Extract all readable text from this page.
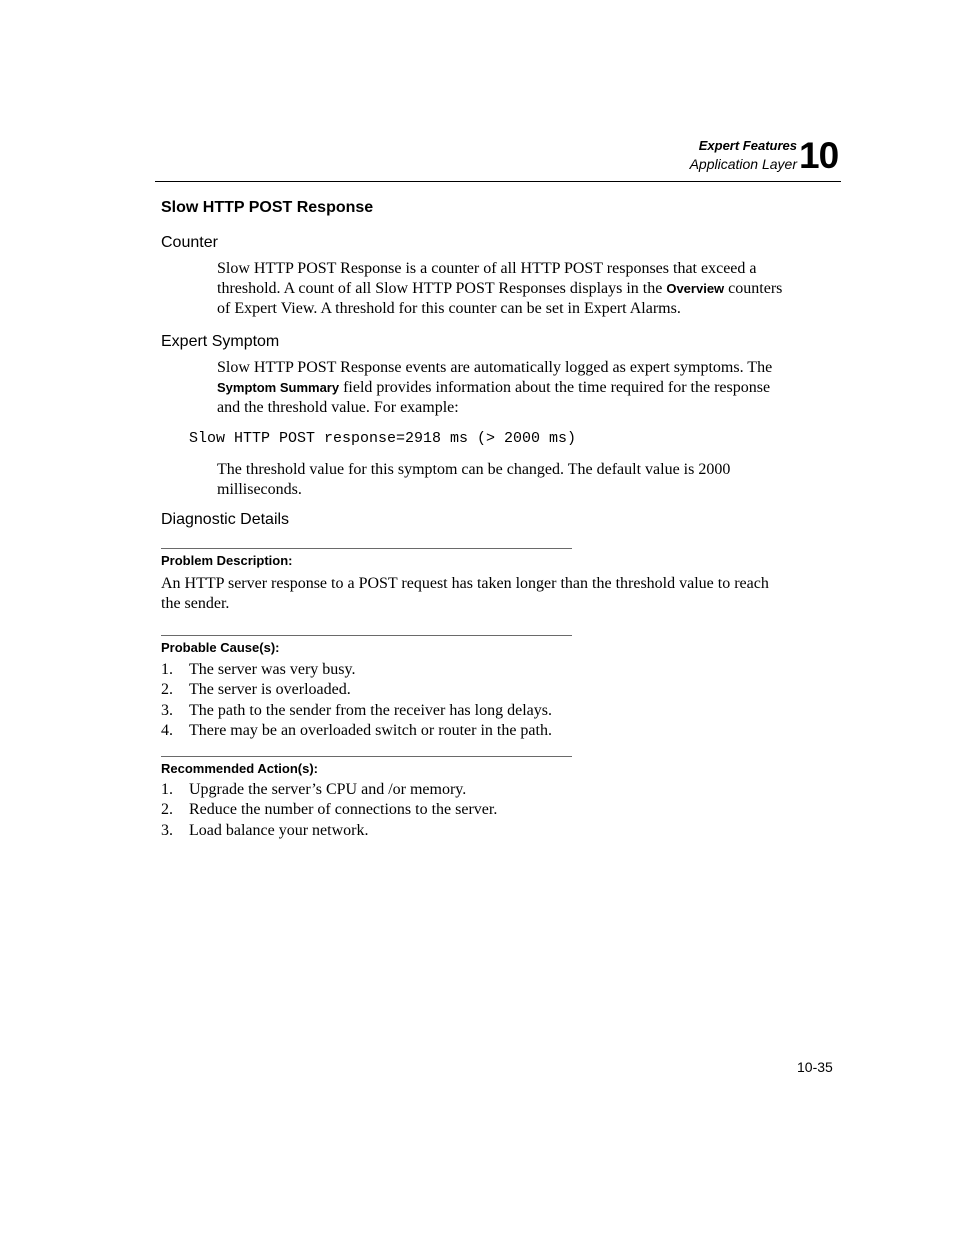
Expert Features
Application Layer 10
Slow HTTP POST Response
Counter
Slow HTTP POST Response is a counter of all HTTP POST responses that exceed a threshold. A count of all Slow HTTP POST Responses displays in the Overview counters of Expert View. A threshold for this counter can be set in Expert Alarms.
Expert Symptom
Slow HTTP POST Response events are automatically logged as expert symptoms. The Symptom Summary field provides information about the time required for the response and the threshold value. For example:
Slow HTTP POST response=2918 ms (> 2000 ms)
The threshold value for this symptom can be changed. The default value is 2000 milliseconds.
Diagnostic Details
Problem Description:
An HTTP server response to a POST request has taken longer than the threshold value to reach the sender.
Probable Cause(s):
1. The server was very busy.
2. The server is overloaded.
3. The path to the sender from the receiver has long delays.
4. There may be an overloaded switch or router in the path.
Recommended Action(s):
1. Upgrade the server’s CPU and /or memory.
2. Reduce the number of connections to the server.
3. Load balance your network.
10-35
